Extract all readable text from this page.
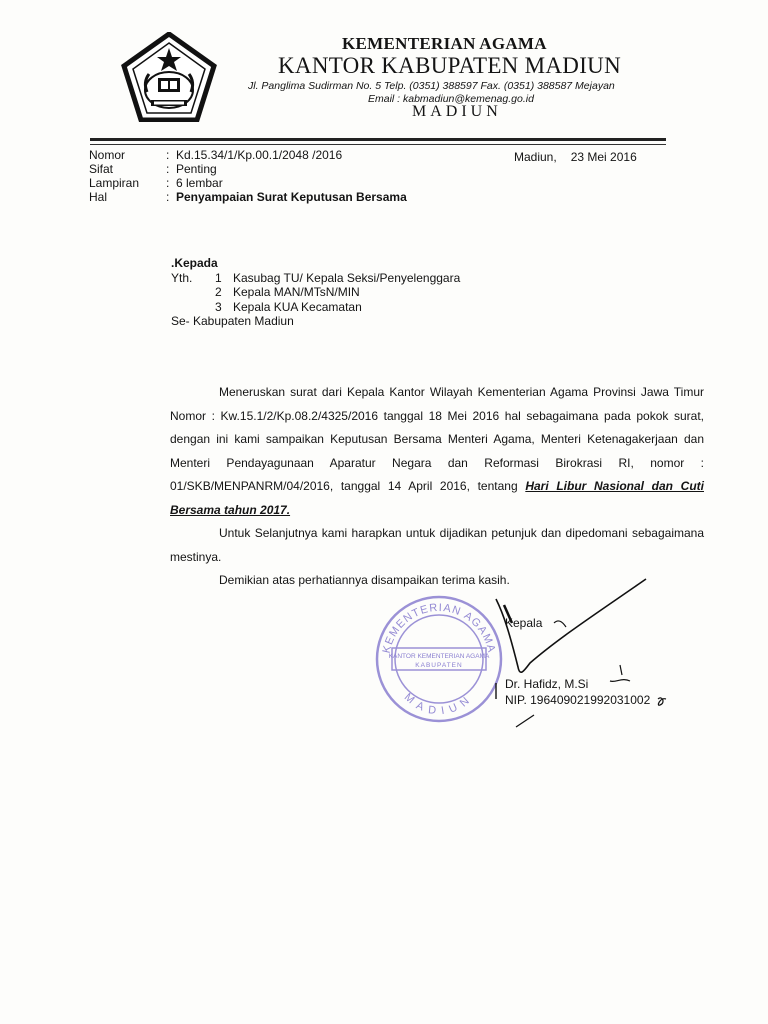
KEMENTERIAN AGAMA
KANTOR KABUPATEN MADIUN
Jl. Panglima Sudirman No. 5 Telp. (0351) 388597 Fax. (0351) 388587 Mejayan
Email : kabmadiun@kemenag.go.id
MADIUN
Nomor	: Kd.15.34/1/Kp.00.1/2048 /2016
Sifat	: Penting
Lampiran	: 6 lembar
Hal	: Penyampaian Surat Keputusan Bersama
Madiun, 23 Mei 2016
.Kepada
Yth.	1 Kasubag TU/ Kepala Seksi/Penyelenggara
2 Kepala MAN/MTsN/MIN
3 Kepala KUA Kecamatan
Se- Kabupaten Madiun

Meneruskan surat dari Kepala Kantor Wilayah Kementerian Agama Provinsi Jawa Timur Nomor : Kw.15.1/2/Kp.08.2/4325/2016 tanggal 18 Mei 2016 hal sebagaimana pada pokok surat, dengan ini kami sampaikan Keputusan Bersama Menteri Agama, Menteri Ketenagakerjaan dan Menteri Pendayagunaan Aparatur Negara dan Reformasi Birokrasi RI, nomor : 01/SKB/MENPANRM/04/2016, tanggal 14 April 2016, tentang Hari Libur Nasional dan Cuti Bersama tahun 2017.

Untuk Selanjutnya kami harapkan untuk dijadikan petunjuk dan dipedomani sebagaimana mestinya.

Demikian atas perhatiannya disampaikan terima kasih.

KEMENTERIAN AGAMA
KANTOR KEMENTERIAN AGAMA
KABUPATEN
MADIUN
Kepala
Dr. Hafidz, M.Si
NIP. 196409021992031002
